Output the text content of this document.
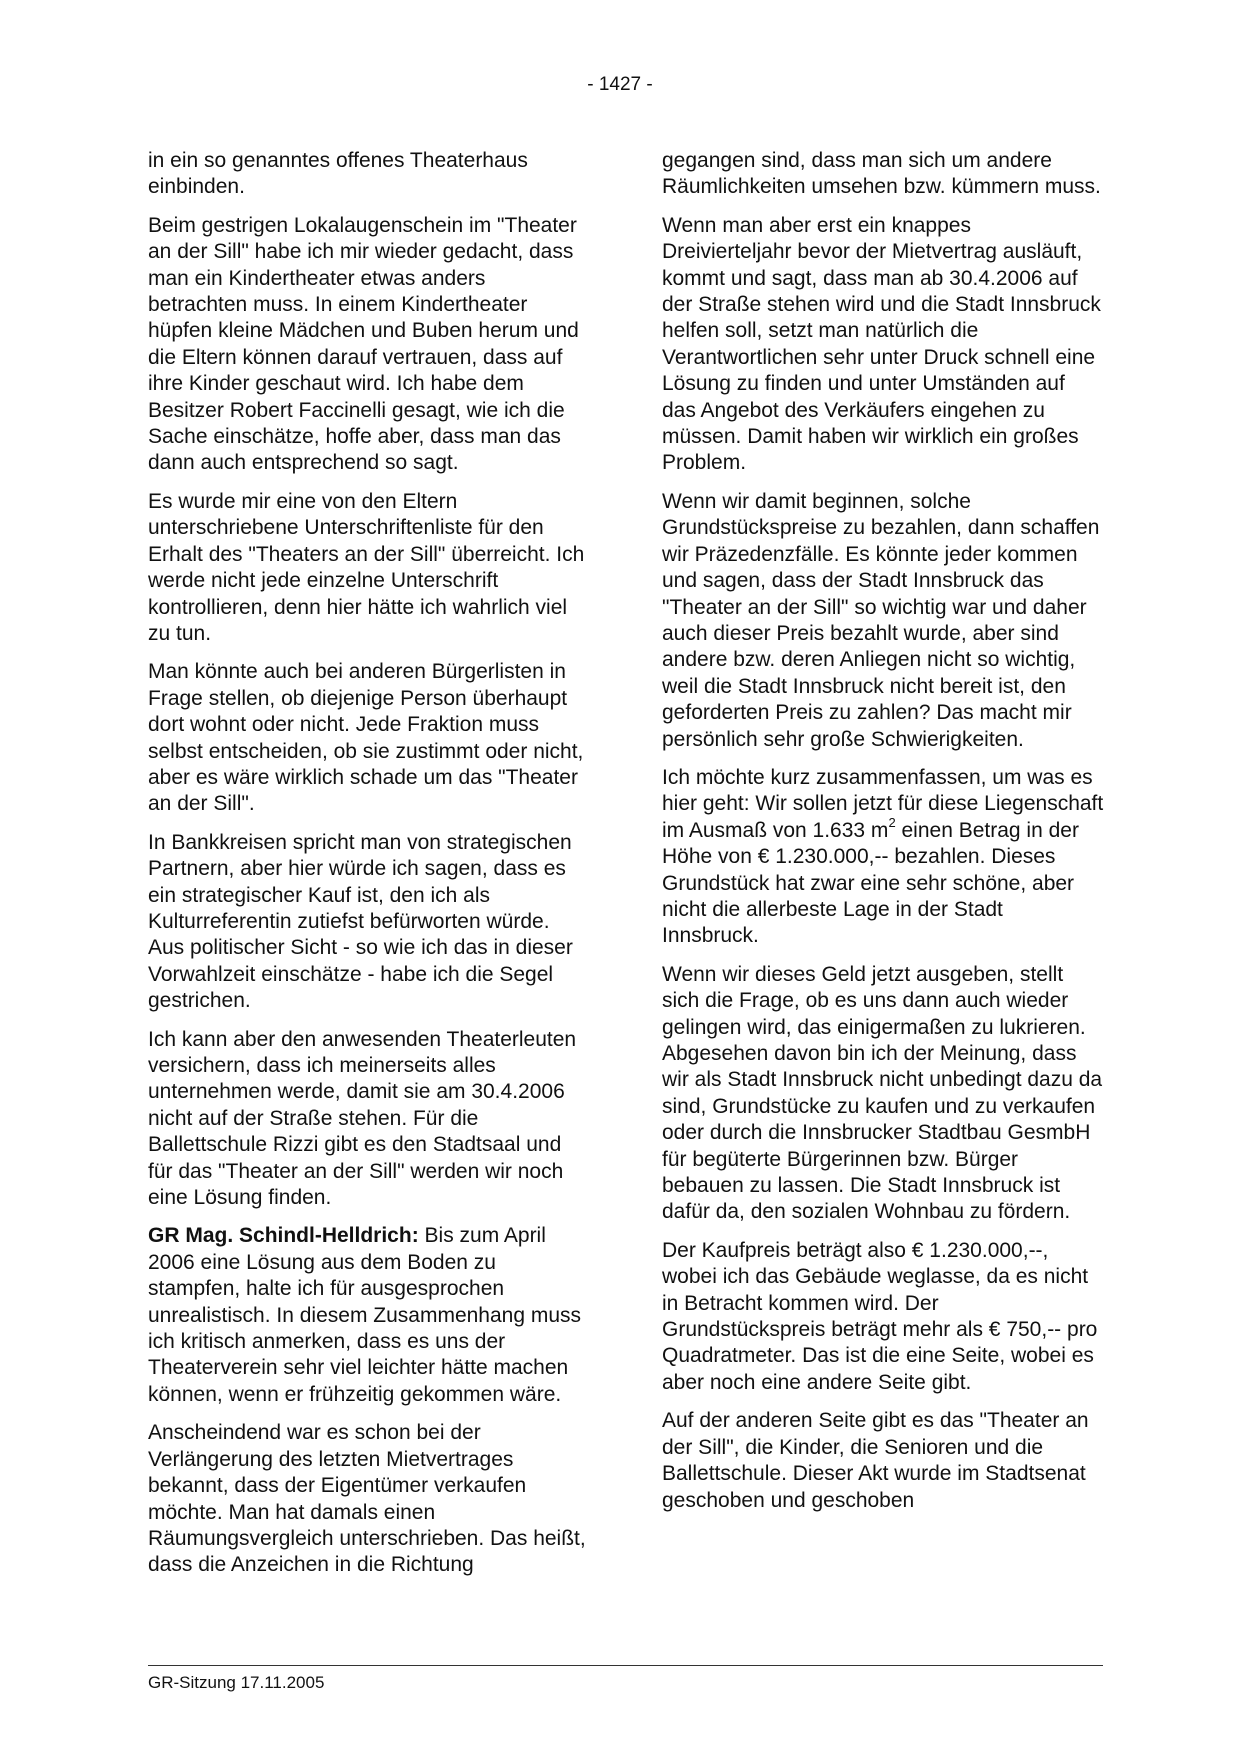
- 1427 -

in ein so genanntes offenes Theaterhaus einbinden.

Beim gestrigen Lokalaugenschein im "Theater an der Sill" habe ich mir wieder gedacht, dass man ein Kindertheater etwas anders betrachten muss. In einem Kindertheater hüpfen kleine Mädchen und Buben herum und die Eltern können darauf vertrauen, dass auf ihre Kinder geschaut wird. Ich habe dem Besitzer Robert Faccinelli gesagt, wie ich die Sache einschätze, hoffe aber, dass man das dann auch entsprechend so sagt.

Es wurde mir eine von den Eltern unterschriebene Unterschriftenliste für den Erhalt des "Theaters an der Sill" überreicht. Ich werde nicht jede einzelne Unterschrift kontrollieren, denn hier hätte ich wahrlich viel zu tun.

Man könnte auch bei anderen Bürgerlisten in Frage stellen, ob diejenige Person überhaupt dort wohnt oder nicht. Jede Fraktion muss selbst entscheiden, ob sie zustimmt oder nicht, aber es wäre wirklich schade um das "Theater an der Sill".

In Bankkreisen spricht man von strategischen Partnern, aber hier würde ich sagen, dass es ein strategischer Kauf ist, den ich als Kulturreferentin zutiefst befürworten würde. Aus politischer Sicht - so wie ich das in dieser Vorwahlzeit einschätze - habe ich die Segel gestrichen.

Ich kann aber den anwesenden Theaterleuten versichern, dass ich meinerseits alles unternehmen werde, damit sie am 30.4.2006 nicht auf der Straße stehen. Für die Ballettschule Rizzi gibt es den Stadtsaal und für das "Theater an der Sill" werden wir noch eine Lösung finden.

GR Mag. Schindl-Helldrich: Bis zum April 2006 eine Lösung aus dem Boden zu stampfen, halte ich für ausgesprochen unrealistisch. In diesem Zusammenhang muss ich kritisch anmerken, dass es uns der Theaterverein sehr viel leichter hätte machen können, wenn er frühzeitig gekommen wäre.

Anscheindend war es schon bei der Verlängerung des letzten Mietvertrages bekannt, dass der Eigentümer verkaufen möchte. Man hat damals einen Räumungsvergleich unterschrieben. Das heißt, dass die Anzeichen in die Richtung

gegangen sind, dass man sich um andere Räumlichkeiten umsehen bzw. kümmern muss.

Wenn man aber erst ein knappes Dreivierteljahr bevor der Mietvertrag ausläuft, kommt und sagt, dass man ab 30.4.2006 auf der Straße stehen wird und die Stadt Innsbruck helfen soll, setzt man natürlich die Verantwortlichen sehr unter Druck schnell eine Lösung zu finden und unter Umständen auf das Angebot des Verkäufers eingehen zu müssen. Damit haben wir wirklich ein großes Problem.

Wenn wir damit beginnen, solche Grundstückspreise zu bezahlen, dann schaffen wir Präzedenzfälle. Es könnte jeder kommen und sagen, dass der Stadt Innsbruck das "Theater an der Sill" so wichtig war und daher auch dieser Preis bezahlt wurde, aber sind andere bzw. deren Anliegen nicht so wichtig, weil die Stadt Innsbruck nicht bereit ist, den geforderten Preis zu zahlen? Das macht mir persönlich sehr große Schwierigkeiten.

Ich möchte kurz zusammenfassen, um was es hier geht: Wir sollen jetzt für diese Liegenschaft im Ausmaß von 1.633 $m^2$ einen Betrag in der Höhe von € 1.230.000,-- bezahlen. Dieses Grundstück hat zwar eine sehr schöne, aber nicht die allerbeste Lage in der Stadt Innsbruck.

Wenn wir dieses Geld jetzt ausgeben, stellt sich die Frage, ob es uns dann auch wieder gelingen wird, das einigermaßen zu lukrieren. Abgesehen davon bin ich der Meinung, dass wir als Stadt Innsbruck nicht unbedingt dazu da sind, Grundstücke zu kaufen und zu verkaufen oder durch die Innsbrucker Stadtbau GesmbH für begüterte Bürgerinnen bzw. Bürger bebauen zu lassen. Die Stadt Innsbruck ist dafür da, den sozialen Wohnbau zu fördern.

Der Kaufpreis beträgt also € 1.230.000,--, wobei ich das Gebäude weglasse, da es nicht in Betracht kommen wird. Der Grundstückspreis beträgt mehr als € 750,-- pro Quadratmeter. Das ist die eine Seite, wobei es aber noch eine andere Seite gibt.

Auf der anderen Seite gibt es das "Theater an der Sill", die Kinder, die Senioren und die Ballettschule. Dieser Akt wurde im Stadtsenat geschoben und geschoben

GR-Sitzung 17.11.2005
